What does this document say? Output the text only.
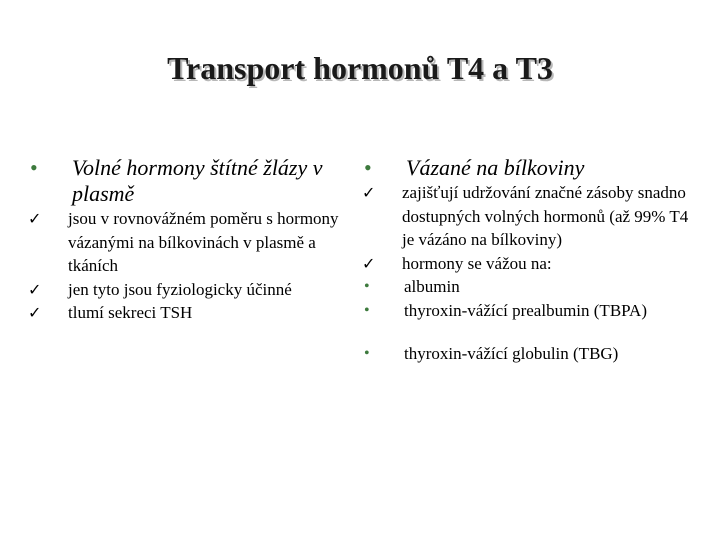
Transport hormonů T4 a T3
•	Volné hormony štítné žlázy v plasmě
✓	jsou v rovnovážném poměru s hormony vázanými na bílkovinách v plasmě a tkáních
✓	jen tyto jsou fyziologicky účinné
✓	tlumí sekreci TSH
•	Vázané na bílkoviny
✓	zajišťují udržování značné zásoby snadno dostupných volných hormonů (až 99% T4 je vázáno na bílkoviny)
✓	hormony se vážou na:
•	albumin
•	thyroxin-vážící prealbumin (TBPA)
•	thyroxin-vážící globulin (TBG)
